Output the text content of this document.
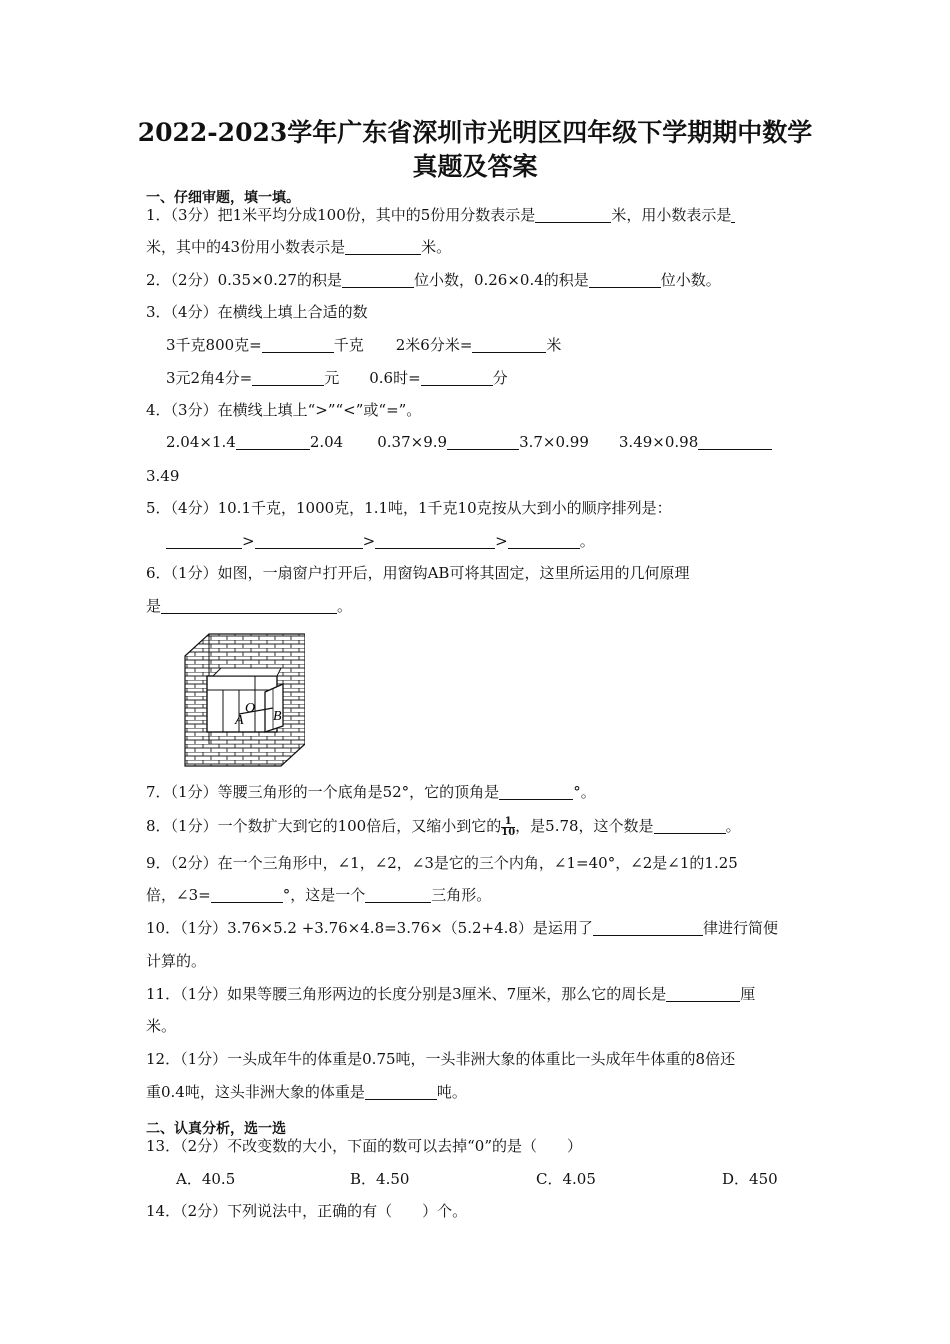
2022-2023学年广东省深圳市光明区四年级下学期期中数学
真题及答案
一、仔细审题，填一填。
1．（3分）把1米平均分成100份，其中的5份用分数表示是	米，用小数表示是
米，其中的43份用小数表示是	米。
2．（2分）0.35×0.27的积是	位小数，0.26×0.4的积是	位小数。
3．（4分）在横线上填上合适的数
3千克800克=	千克 2米6分米=	米
3元2角4分=	元 0.6时=	分
4．（3分）在横线上填上“>”“<”或“=”。
2.04×1.4	2.04 0.37×9.9	3.7×0.99 3.49×0.98
3.49
5．（4分）10.1千克，1000克，1.1吨，1千克10克按从大到小的顺序排列是：
>	>	>	。
6．（1分）如图，一扇窗户打开后，用窗钩AB可将其固定，这里所运用的几何原理
是	。
A
O
B
7．（1分）等腰三角形的一个底角是52°，它的顶角是	°。
8．（1分）一个数扩大到它的100倍后，又缩小到它的 $\frac{1}{10}$ ，是5.78，这个数是	。
9．（2分）在一个三角形中，∠1，∠2，∠3是它的三个内角，∠1=40°，∠2是∠1的1.25
倍，∠3=	°，这是一个	三角形。
10．（1分）3.76×5.2 +3.76×4.8=3.76×（5.2+4.8）是运用了	律进行简便
计算的。
11．（1分）如果等腰三角形两边的长度分别是3厘米、7厘米，那么它的周长是	厘
米。
12．（1分）一头成年牛的体重是0.75吨，一头非洲大象的体重比一头成年牛体重的8倍还
重0.4吨，这头非洲大象的体重是	吨。
二、认真分析，选一选
13．（2分）不改变数的大小，下面的数可以去掉“0”的是（　　）
A．40.5	B．4.50	C．4.05	D．450
14．（2分）下列说法中，正确的有（　　）个。
